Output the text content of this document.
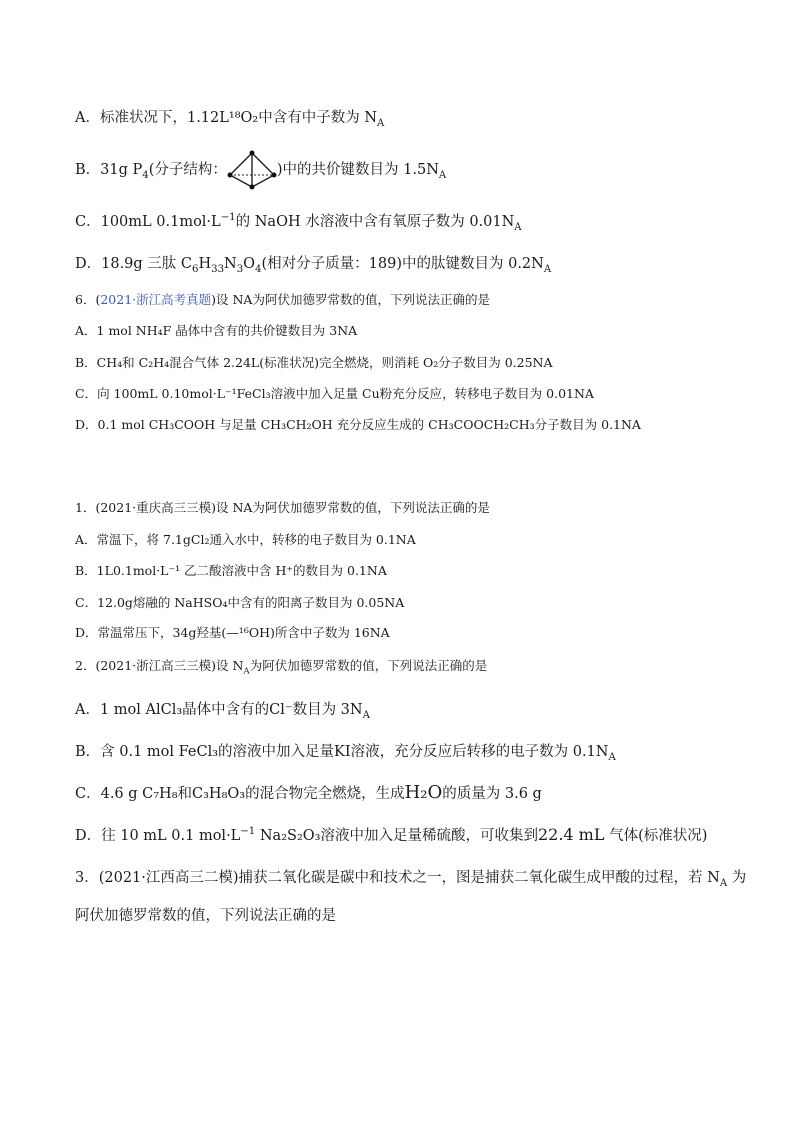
A．标准状况下，1.12L¹⁸O₂中含有中子数为 $N_A$
B．31g $P_4$(分子结构：	)中的共价键数目为 $1.5N_A$
C．100mL $0.1mol\cdot L^{-1}$的 NaOH 水溶液中含有氧原子数为 $0.01N_A$
D．18.9g 三肽 $C_6H_{33}N_3O_4$(相对分子质量：189)中的肽键数目为 $0.2N_A$
6．(2021·浙江高考真题)设 NA为阿伏加德罗常数的值，下列说法正确的是
A．1 mol NH₄F 晶体中含有的共价键数目为 3NA
B．CH₄和 C₂H₄混合气体 2.24L(标准状况)完全燃烧，则消耗 O₂分子数目为 0.25NA
C．向 100mL 0.10mol·L⁻¹FeCl₃溶液中加入足量 Cu粉充分反应，转移电子数目为 0.01NA
D．0.1 mol CH₃COOH 与足量 CH₃CH₂OH 充分反应生成的 CH₃COOCH₂CH₃分子数目为 0.1NA
1．(2021·重庆高三三模)设 NA为阿伏加德罗常数的值，下列说法正确的是
A．常温下，将 7.1gCl₂通入水中，转移的电子数目为 0.1NA
B．1L0.1mol·L⁻¹ 乙二酸溶液中含 H⁺的数目为 0.1NA
C．12.0g熔融的 NaHSO₄中含有的阳离子数目为 0.05NA
D．常温常压下，34g羟基(—¹⁶OH)所含中子数为 16NA
2．(2021·浙江高三三模)设 $N_A$为阿伏加德罗常数的值，下列说法正确的是
A．1 mol AlCl₃晶体中含有的Cl⁻数目为 $3N_A$
B．含 0.1 mol FeCl₃的溶液中加入足量KI溶液，充分反应后转移的电子数为 $0.1N_A$
C．4.6 g C₇H₈和C₃H₈O₃的混合物完全燃烧，生成H₂O的质量为 3.6 g
D．往 10 mL 0.1 $mol\cdot L^{-1}$ Na₂S₂O₃溶液中加入足量稀硫酸，可收集到22.4 mL 气体(标准状况)
3．(2021·江西高三二模)捕获二氧化碳是碳中和技术之一，图是捕获二氧化碳生成甲酸的过程，若 $N_A$ 为
阿伏加德罗常数的值，下列说法正确的是
